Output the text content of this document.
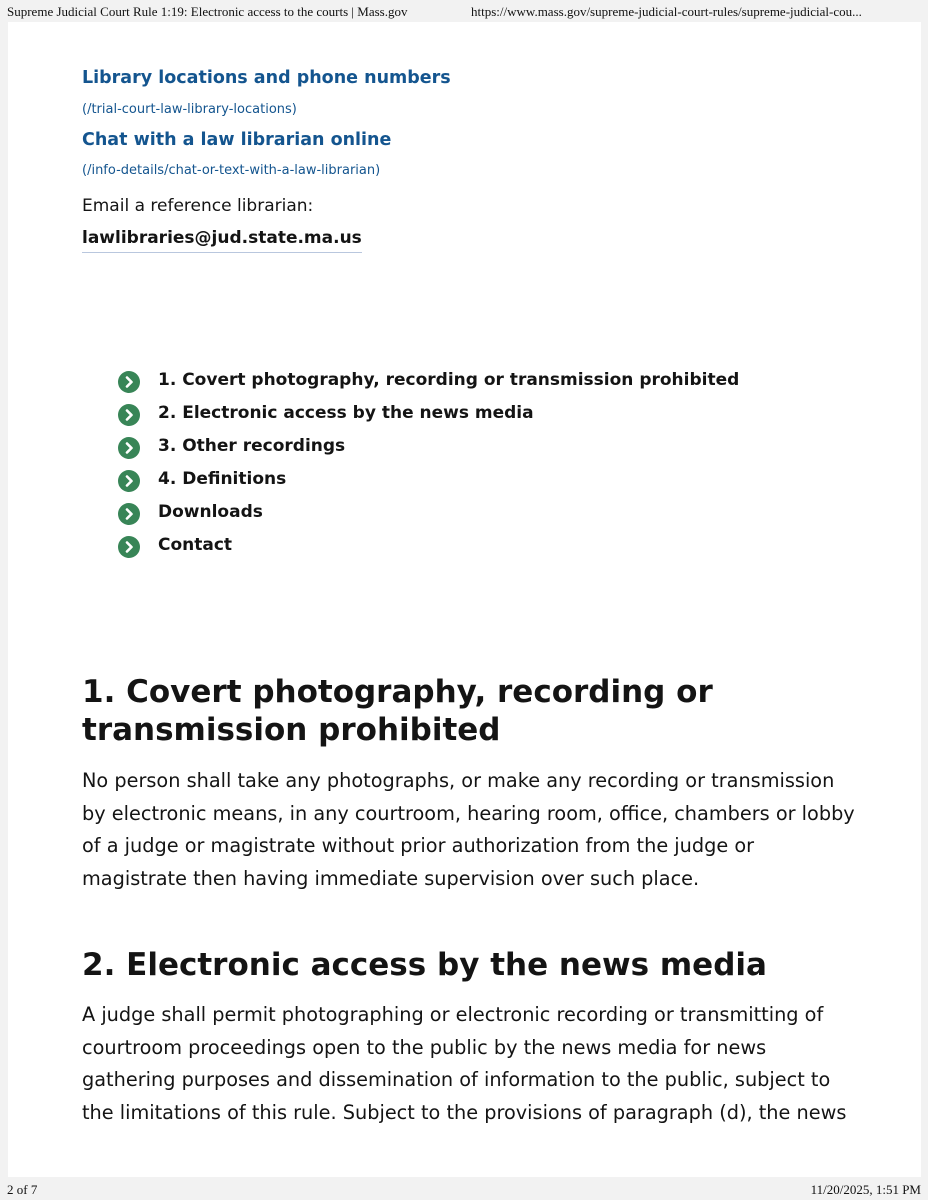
Supreme Judicial Court Rule 1:19: Electronic access to the courts | Mass.gov	https://www.mass.gov/supreme-judicial-court-rules/supreme-judicial-cou...
Library locations and phone numbers
(/trial-court-law-library-locations)
Chat with a law librarian online
(/info-details/chat-or-text-with-a-law-librarian)
Email a reference librarian:
lawlibraries@jud.state.ma.us
1. Covert photography, recording or transmission prohibited
2. Electronic access by the news media
3. Other recordings
4. Definitions
Downloads
Contact
1. Covert photography, recording or transmission prohibited

No person shall take any photographs, or make any recording or transmission by electronic means, in any courtroom, hearing room, office, chambers or lobby of a judge or magistrate without prior authorization from the judge or magistrate then having immediate supervision over such place.

2. Electronic access by the news media

A judge shall permit photographing or electronic recording or transmitting of courtroom proceedings open to the public by the news media for news gathering purposes and dissemination of information to the public, subject to the limitations of this rule. Subject to the provisions of paragraph (d), the news

2 of 7	11/20/2025, 1:51 PM
